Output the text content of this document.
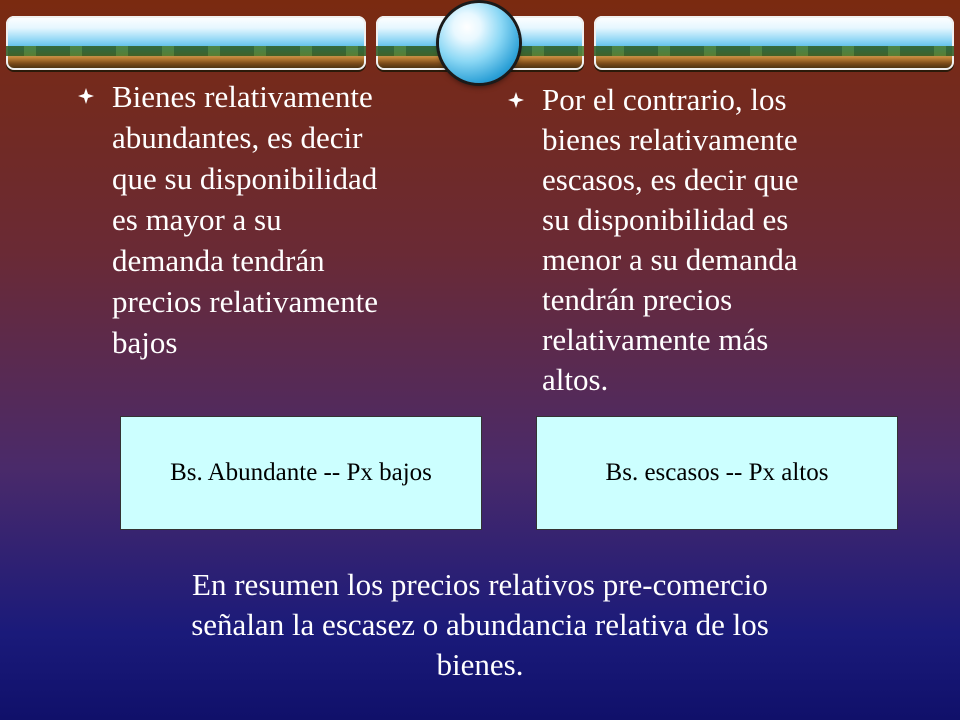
Bienes relativamente
abundantes, es decir
que su disponibilidad
es mayor a su
demanda tendrán
precios relativamente
bajos
Por el contrario, los
bienes relativamente
escasos, es decir que
su disponibilidad es
menor a su demanda
tendrán precios
relativamente más
altos.
Bs. Abundante -- Px bajos	Bs. escasos -- Px altos
En resumen los precios relativos pre-comercio
señalan la escasez o abundancia relativa de los
bienes.
